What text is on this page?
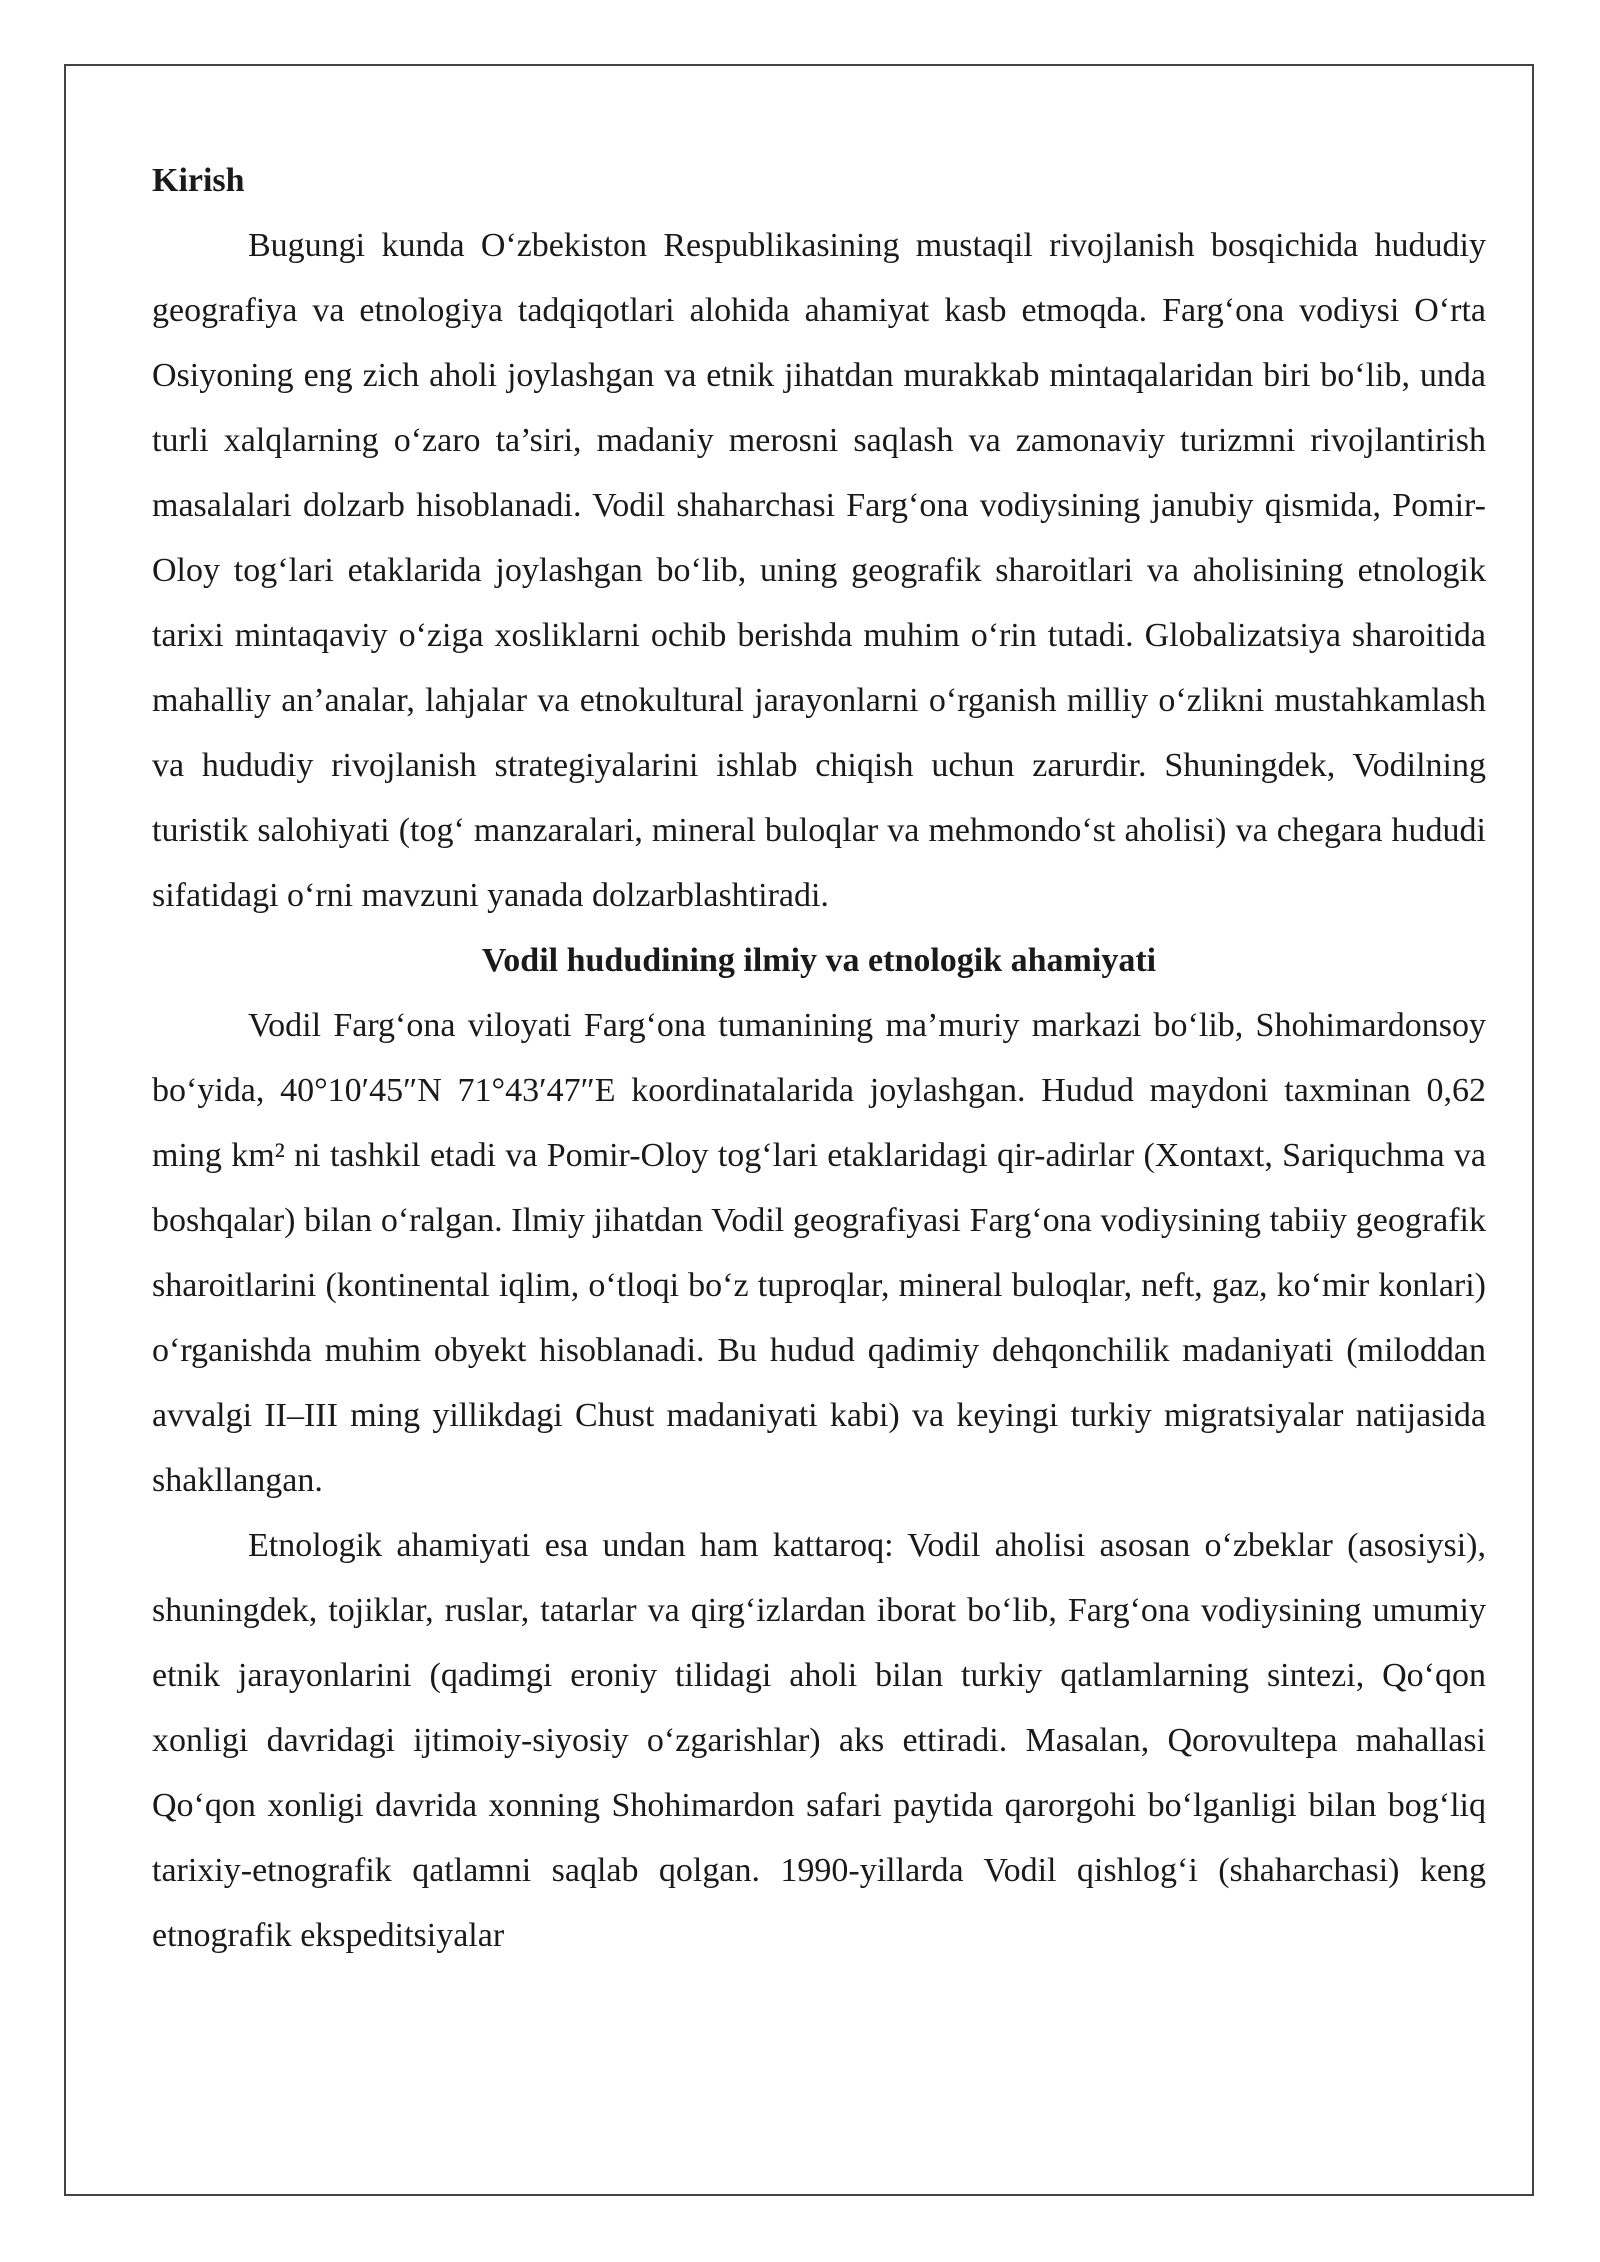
Kirish

Bugungi kunda O‘zbekiston Respublikasining mustaqil rivojlanish bosqichida hududiy geografiya va etnologiya tadqiqotlari alohida ahamiyat kasb etmoqda. Farg‘ona vodiysi O‘rta Osiyoning eng zich aholi joylashgan va etnik jihatdan murakkab mintaqalaridan biri bo‘lib, unda turli xalqlarning o‘zaro ta’siri, madaniy merosni saqlash va zamonaviy turizmni rivojlantirish masalalari dolzarb hisoblanadi. Vodil shaharchasi Farg‘ona vodiysining janubiy qismida, Pomir-Oloy tog‘lari etaklarida joylashgan bo‘lib, uning geografik sharoitlari va aholisining etnologik tarixi mintaqaviy o‘ziga xosliklarni ochib berishda muhim o‘rin tutadi. Globalizatsiya sharoitida mahalliy an’analar, lahjalar va etnokultural jarayonlarni o‘rganish milliy o‘zlikni mustahkamlash va hududiy rivojlanish strategiyalarini ishlab chiqish uchun zarurdir. Shuningdek, Vodilning turistik salohiyati (tog‘ manzaralari, mineral buloqlar va mehmondo‘st aholisi) va chegara hududi sifatidagi o‘rni mavzuni yanada dolzarblashtiradi.

Vodil hududining ilmiy va etnologik ahamiyati

Vodil Farg‘ona viloyati Farg‘ona tumanining ma’muriy markazi bo‘lib, Shohimardonsoy bo‘yida, 40°10′45″N 71°43′47″E koordinatalarida joylashgan. Hudud maydoni taxminan 0,62 ming km² ni tashkil etadi va Pomir-Oloy tog‘lari etaklaridagi qir-adirlar (Xontaxt, Sariquchma va boshqalar) bilan o‘ralgan. Ilmiy jihatdan Vodil geografiyasi Farg‘ona vodiysining tabiiy geografik sharoitlarini (kontinental iqlim, o‘tloqi bo‘z tuproqlar, mineral buloqlar, neft, gaz, ko‘mir konlari) o‘rganishda muhim obyekt hisoblanadi. Bu hudud qadimiy dehqonchilik madaniyati (miloddan avvalgi II–III ming yillikdagi Chust madaniyati kabi) va keyingi turkiy migratsiyalar natijasida shakllangan.

Etnologik ahamiyati esa undan ham kattaroq: Vodil aholisi asosan o‘zbeklar (asosiysi), shuningdek, tojiklar, ruslar, tatarlar va qirg‘izlardan iborat bo‘lib, Farg‘ona vodiysining umumiy etnik jarayonlarini (qadimgi eroniy tilidagi aholi bilan turkiy qatlamlarning sintezi, Qo‘qon xonligi davridagi ijtimoiy-siyosiy o‘zgarishlar) aks ettiradi. Masalan, Qorovultepa mahallasi Qo‘qon xonligi davrida xonning Shohimardon safari paytida qarorgohi bo‘lganligi bilan bog‘liq tarixiy-etnografik qatlamni saqlab qolgan. 1990-yillarda Vodil qishlog‘i (shaharchasi) keng etnografik ekspeditsiyalar
